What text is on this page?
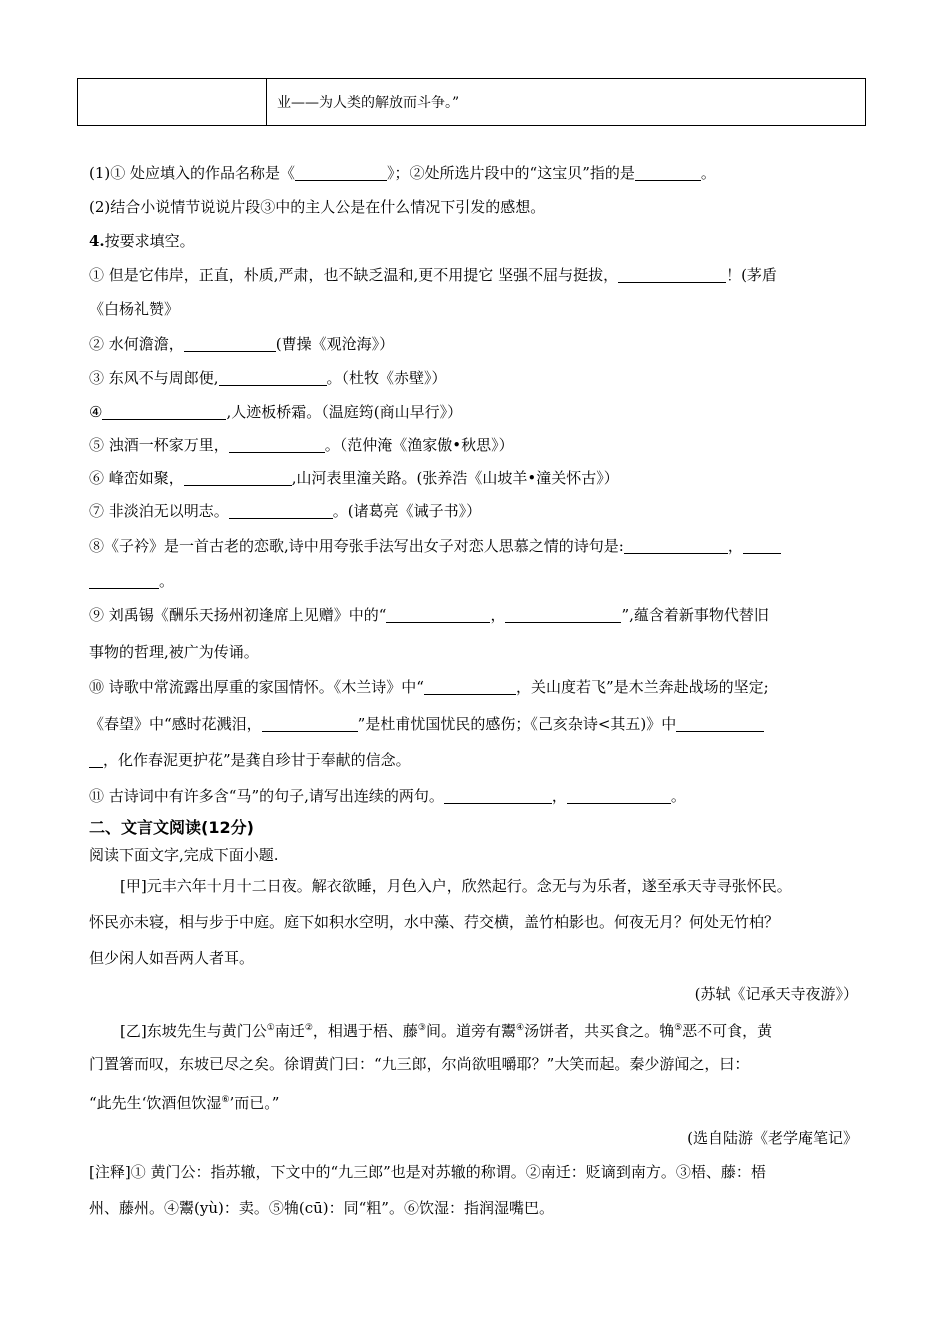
	业——为人类的解放而斗争。”
(1)① 处应填入的作品名称是《	》；②处所选片段中的“这宝贝”指的是	。
(2)结合小说情节说说片段③中的主人公是在什么情况下引发的感想。
4.按要求填空。
① 但是它伟岸，正直，朴质,严肃，也不缺乏温和,更不用提它 坚强不屈与挺拔，	！(茅盾
《白杨礼赞》
② 水何澹澹，	(曹操《观沧海》）
③ 东风不与周郎便,	。（杜牧《赤壁》）
④	,人迹板桥霜。（温庭筠(商山早行》）
⑤ 浊酒一杯家万里，	。（范仲淹《渔家傲•秋思》）
⑥ 峰峦如聚，	,山河表里潼关路。(张养浩《山坡羊•潼关怀古》）
⑦ 非淡泊无以明志。	。(诸葛亮《诫子书》）
⑧《子衿》是一首古老的恋歌,诗中用夸张手法写出女子对恋人思慕之情的诗句是:	，
。
⑨ 刘禹锡《酬乐天扬州初逢席上见赠》中的“	，	”,蕴含着新事物代替旧
事物的哲理,被广为传诵。
⑩ 诗歌中常流露出厚重的家国情怀。《木兰诗》中“	，关山度若飞”是木兰奔赴战场的坚定;
《春望》中“感时花溅泪，	”是杜甫忧国忧民的感伤；《己亥杂诗<其五)》中
，化作春泥更护花”是龚自珍甘于奉献的信念。
⑪ 古诗词中有许多含“马”的句子,请写出连续的两句。	，	。
二、文言文阅读(12分)
阅读下面文字,完成下面小题.
[甲]元丰六年十月十二日夜。解衣欲睡，月色入户，欣然起行。念无与为乐者，遂至承天寺寻张怀民。
怀民亦未寝，相与步于中庭。庭下如积水空明，水中藻、荇交横，盖竹柏影也。何夜无月？何处无竹柏？
但少闲人如吾两人者耳。
(苏轼《记承天寺夜游》）
[乙]东坡先生与黄门公①南迁②，相遇于梧、藤③间。道旁有鬻④汤饼者，共买食之。觕⑤恶不可食，黄
门置箸而叹，东坡已尽之矣。徐谓黄门曰：“九三郎，尔尚欲咀嚼耶？”大笑而起。秦少游闻之，曰：
“此先生‘饮酒但饮湿⑥’而已。”
(选自陆游《老学庵笔记》
[注释]① 黄门公：指苏辙，下文中的“九三郎”也是对苏辙的称谓。②南迁：贬谪到南方。③梧、藤：梧
州、藤州。④鬻(yù)：卖。⑤觕(cū)：同“粗”。⑥饮湿：指润湿嘴巴。
